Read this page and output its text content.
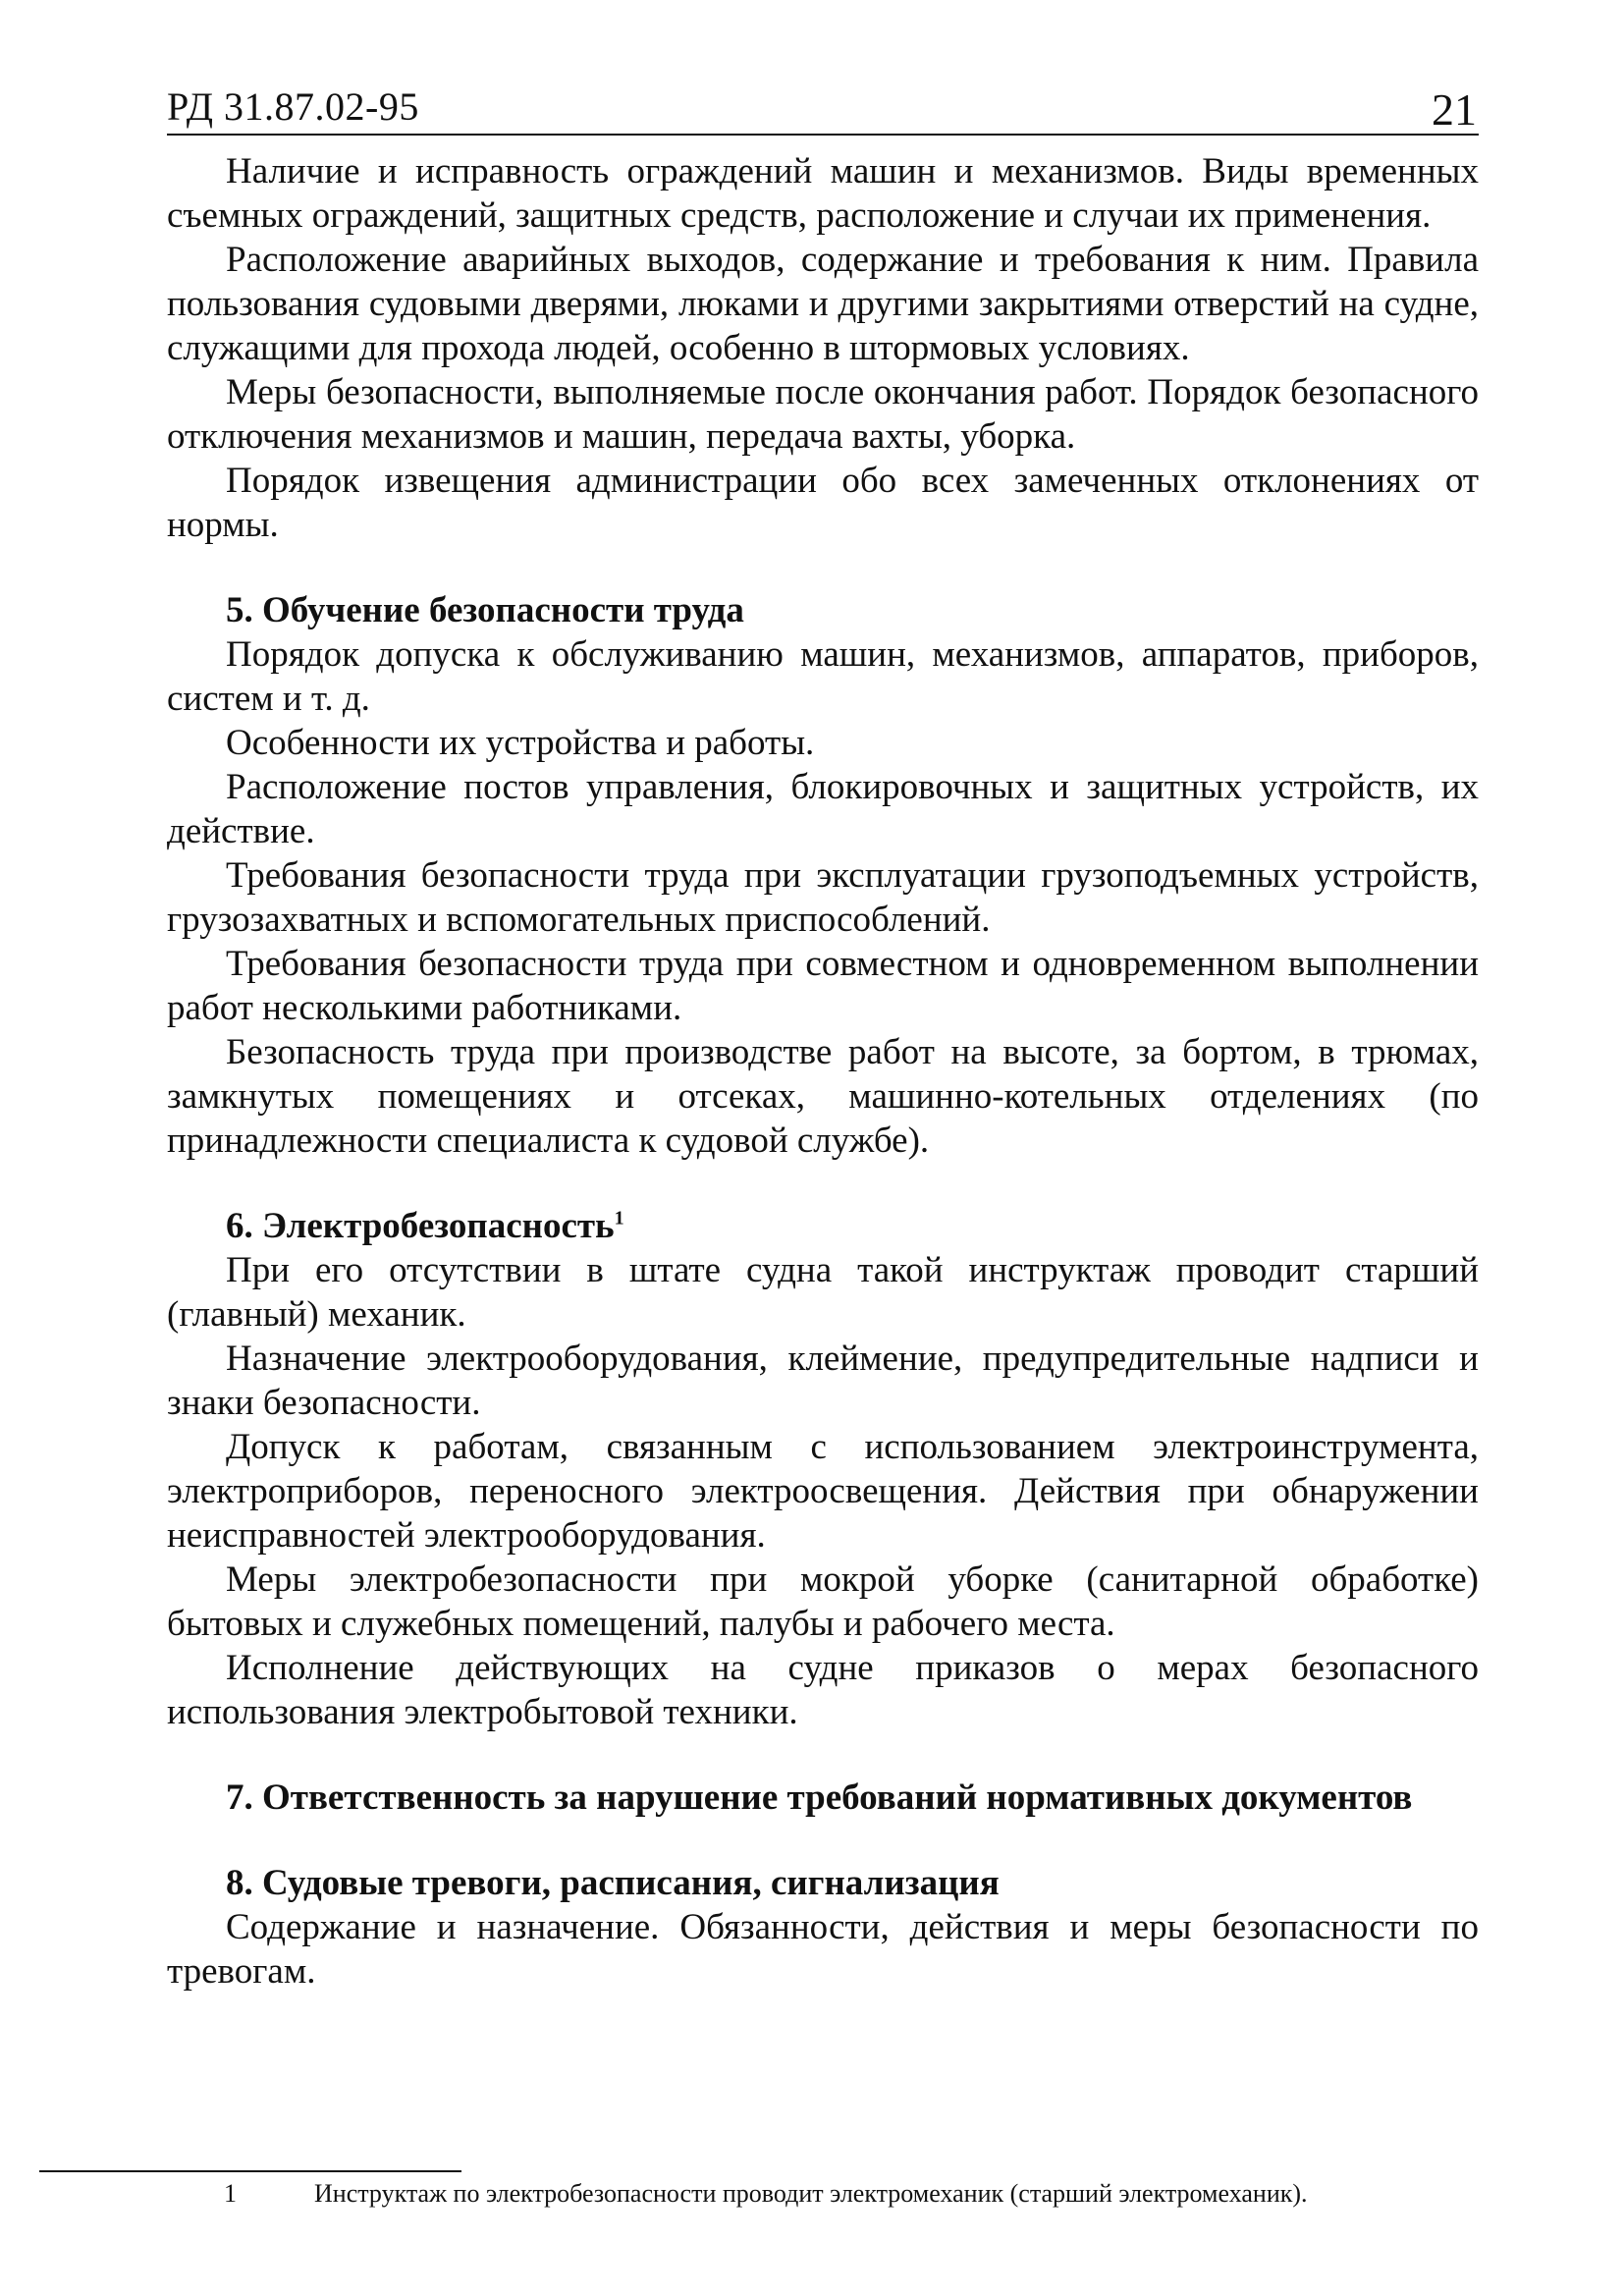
РД 31.87.02-95	21

Наличие и исправность ограждений машин и механизмов. Виды временных съемных ограждений, защитных средств, расположение и случаи их применения.

Расположение аварийных выходов, содержание и требования к ним. Правила пользования судовыми дверями, люками и другими закрытиями отверстий на судне, служащими для прохода людей, особенно в штормовых условиях.

Меры безопасности, выполняемые после окончания работ. Порядок безопасного отключения механизмов и машин, передача вахты, уборка.

Порядок извещения администрации обо всех замеченных отклонениях от нормы.

5. Обучение безопасности труда

Порядок допуска к обслуживанию машин, механизмов, аппаратов, приборов, систем и т. д.

Особенности их устройства и работы.

Расположение постов управления, блокировочных и защитных устройств, их действие.

Требования безопасности труда при эксплуатации грузоподъемных устройств, грузозахватных и вспомогательных приспособлений.

Требования безопасности труда при совместном и одновременном выполнении работ несколькими работниками.

Безопасность труда при производстве работ на высоте, за бортом, в трюмах, замкнутых помещениях и отсеках, машинно-котельных отделениях (по принадлежности специалиста к судовой службе).

6. Электробезопасность$^1$

При его отсутствии в штате судна такой инструктаж проводит старший (главный) механик.

Назначение электрооборудования, клеймение, предупредительные надписи и знаки безопасности.

Допуск к работам, связанным с использованием электроинструмента, электроприборов, переносного электроосвещения. Действия при обнаружении неисправностей электрооборудования.

Меры электробезопасности при мокрой уборке (санитарной обработке) бытовых и служебных помещений, палубы и рабочего места.

Исполнение действующих на судне приказов о мерах безопасного использования электробытовой техники.

7. Ответственность за нарушение требований нормативных документов
8. Судовые тревоги, расписания, сигнализация

Содержание и назначение. Обязанности, действия и меры безопасности по тревогам.

1	Инструктаж по электробезопасности проводит электромеханик (старший электромеханик).
